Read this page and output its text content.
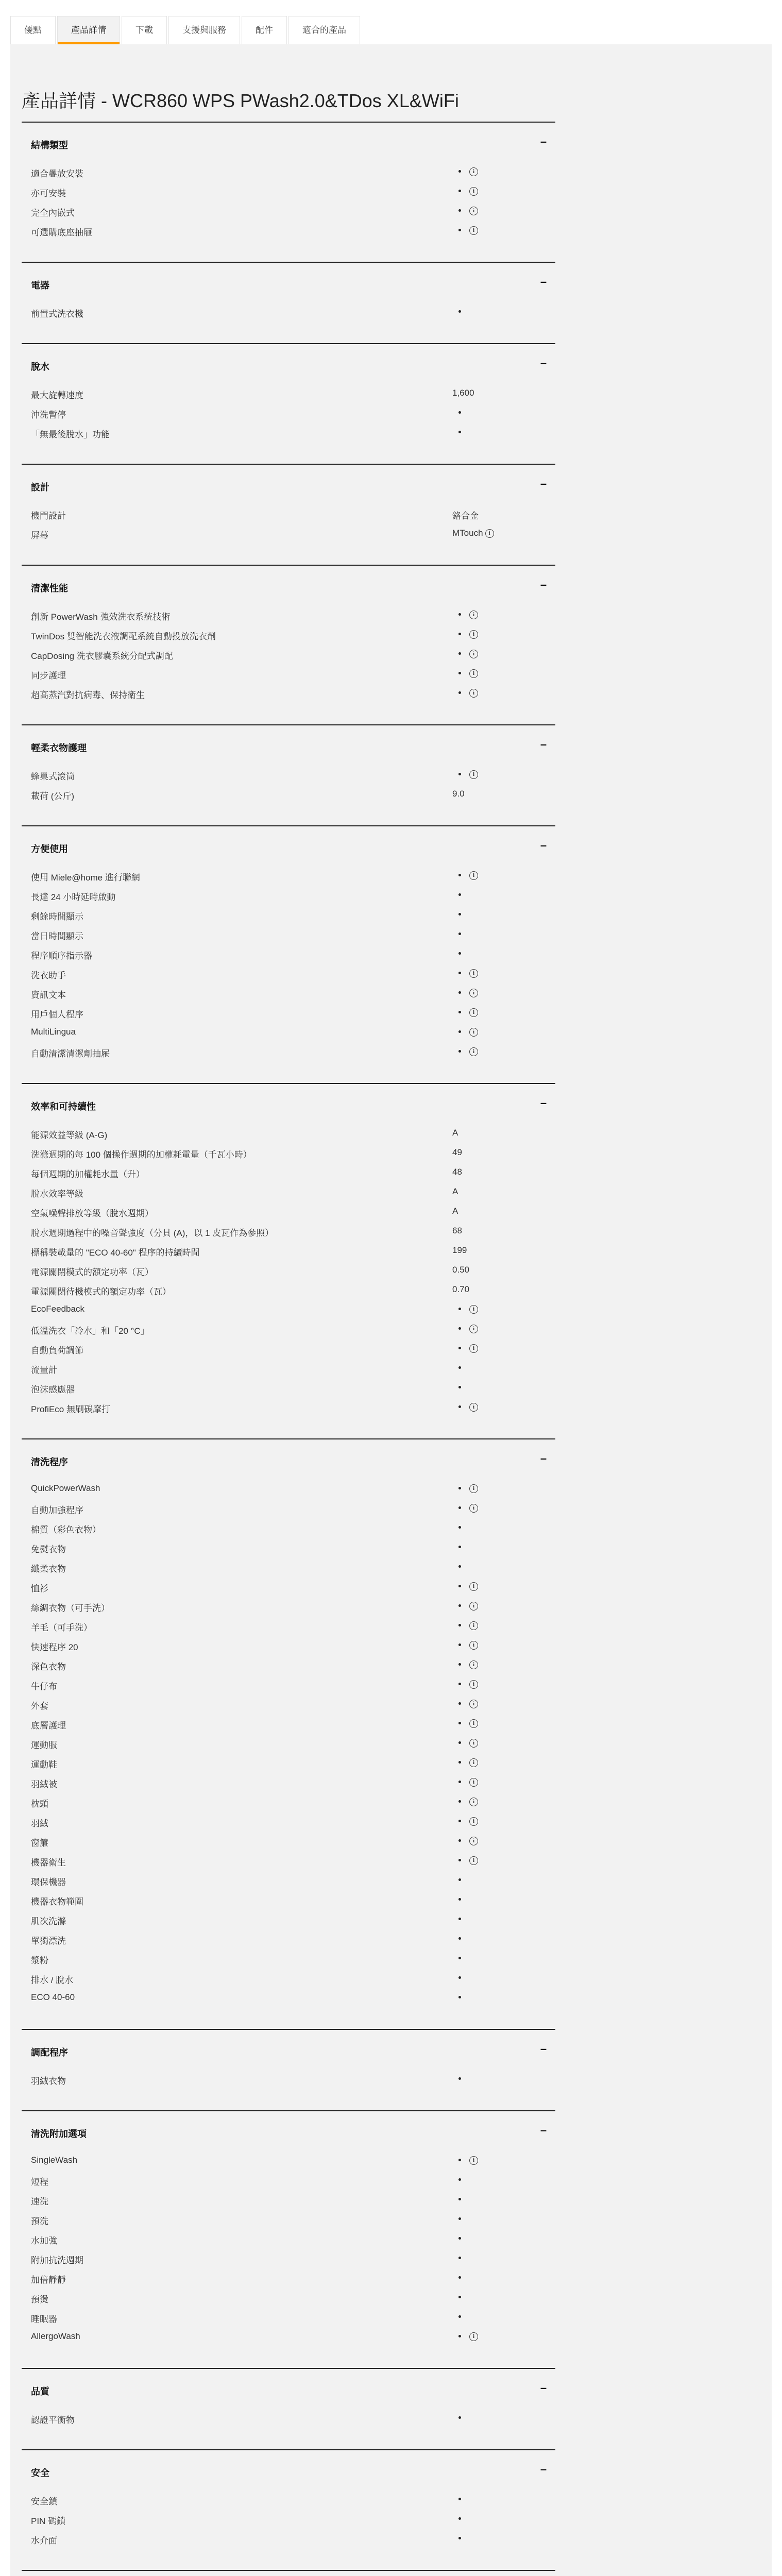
優點	產品詳情	下載	支援與服務	配件	適合的產品
產品詳情 - WCR860 WPS PWash2.0&TDos XL&WiFi
結構類型	–
適合疊放安裝	i
亦可安裝	i
完全內嵌式	i
可選購底座抽屜	i
電器	–
前置式洗衣機
脫水	–
最大旋轉速度	1,600
沖洗暫停
「無最後脫水」功能
設計	–
機門設計	鉻合金
屏幕	MTouch i
清潔性能	–
創新 PowerWash 強效洗衣系統技術	i
TwinDos 雙智能洗衣液調配系統自動投放洗衣劑	i
CapDosing 洗衣膠囊系統分配式調配	i
同步護理	i
超高蒸汽對抗病毒、保持衛生	i
輕柔衣物護理	–
蜂巢式滾筒	i
載荷 (公斤)	9.0
方便使用	–
使用 Miele@home 進行聯網	i
長達 24 小時延時啟動
剩餘時間顯示
當日時間顯示
程序順序指示器
洗衣助手	i
資訊文本	i
用戶個人程序	i
MultiLingua	i
自動清潔清潔劑抽屜	i
效率和可持續性	–
能源效益等級 (A-G)	A
洗滌週期的每 100 個操作週期的加權耗電量（千瓦小時）	49
每個週期的加權耗水量（升）	48
脫水效率等級	A
空氣噪聲排放等級（脫水週期）	A
脫水週期過程中的噪音聲強度（分貝 (A)，以 1 皮瓦作為參照）	68
標稱裝載量的 "ECO 40-60" 程序的持續時間	199
電源關閉模式的額定功率（瓦）	0.50
電源關閉待機模式的額定功率（瓦）	0.70
EcoFeedback	i
低溫洗衣「冷水」和「20 °C」	i
自動負荷調節	i
流量計
泡沫感應器
ProfiEco 無刷碳摩打	i
清洗程序	–
QuickPowerWash	i
自動加強程序	i
棉質（彩色衣物）
免熨衣物
纖柔衣物
恤衫	i
絲綢衣物（可手洗）	i
羊毛（可手洗）	i
快速程序 20	i
深色衣物	i
牛仔布	i
外套	i
底層護理	i
運動服	i
運動鞋	i
羽絨被	i
枕頭	i
羽絨	i
窗簾	i
機器衛生	i
環保機器
機器衣物範圍
肌次洗滌
單獨漂洗
漿粉
排水 / 脫水
ECO 40-60
調配程序	–
羽絨衣物
清洗附加選項	–
SingleWash	i
短程
速洗
預洗
水加強
附加抗洗週期
加倍靜靜
預燙
睡眠器
AllergoWash	i
品質	–
認證平衡物
安全	–
安全鎖
PIN 碼鎖
水介面
